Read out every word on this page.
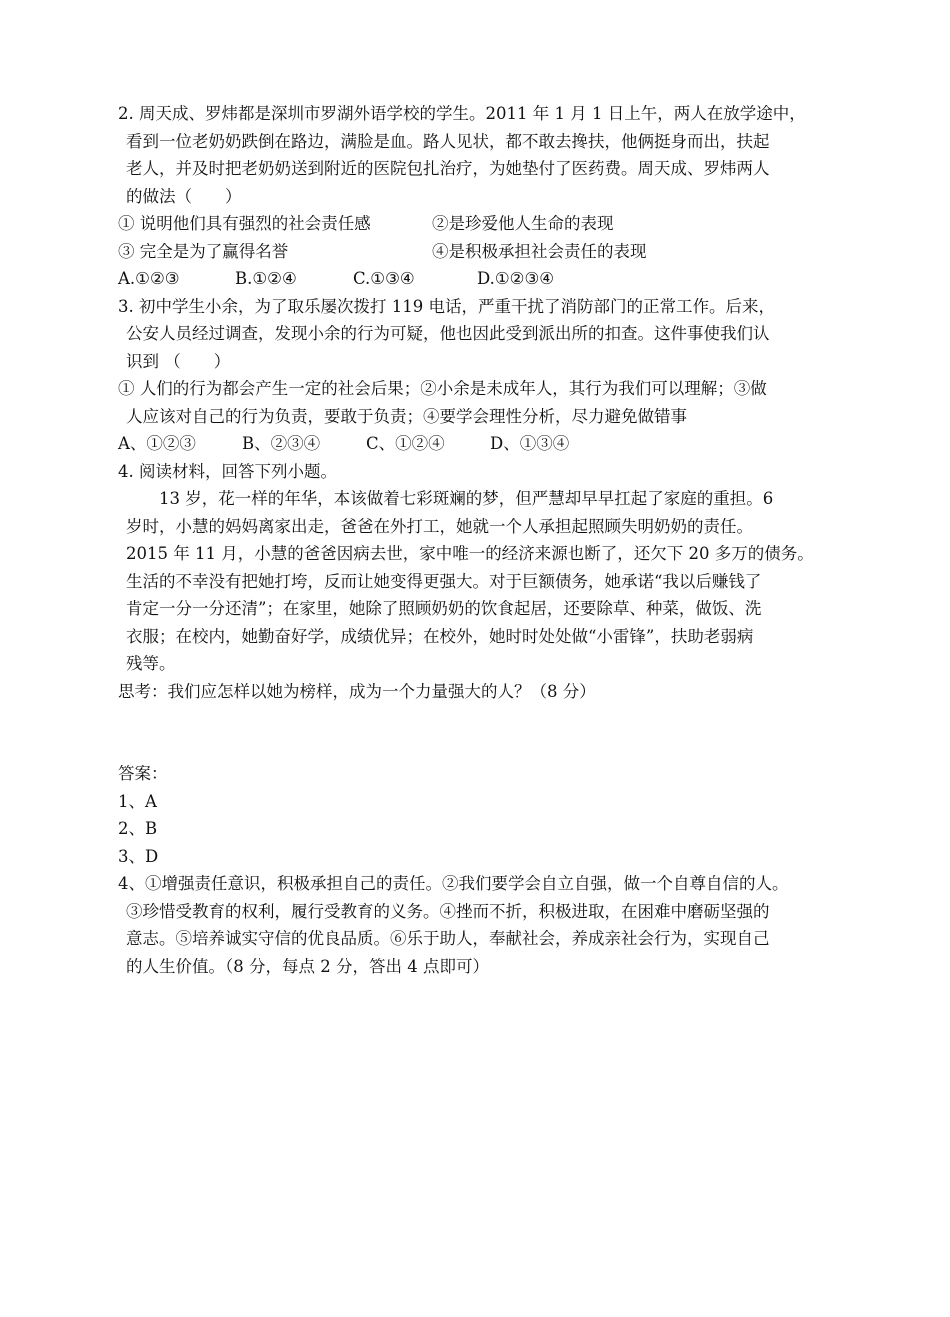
2. 周天成、罗炜都是深圳市罗湖外语学校的学生。2011 年 1 月 1 日上午，两人在放学途中，
看到一位老奶奶跌倒在路边，满脸是血。路人见状，都不敢去搀扶，他俩挺身而出，扶起
老人，并及时把老奶奶送到附近的医院包扎治疗，为她垫付了医药费。周天成、罗炜两人
的做法（　　）
① 说明他们具有强烈的社会责任感	②是珍爱他人生命的表现
③ 完全是为了赢得名誉	④是积极承担社会责任的表现
A.①②③	B.①②④	C.①③④	D.①②③④
3. 初中学生小余，为了取乐屡次拨打 119 电话，严重干扰了消防部门的正常工作。后来，
公安人员经过调查，发现小余的行为可疑，他也因此受到派出所的扣查。这件事使我们认
识到 （　　）
① 人们的行为都会产生一定的社会后果；②小余是未成年人，其行为我们可以理解；③做
人应该对自己的行为负责，要敢于负责；④要学会理性分析，尽力避免做错事
A、①②③	B、②③④	C、①②④	D、①③④
4. 阅读材料，回答下列小题。
　　13 岁，花一样的年华，本该做着七彩斑斓的梦，但严慧却早早扛起了家庭的重担。6
岁时，小慧的妈妈离家出走，爸爸在外打工，她就一个人承担起照顾失明奶奶的责任。
2015 年 11 月，小慧的爸爸因病去世，家中唯一的经济来源也断了，还欠下 20 多万的债务。
生活的不幸没有把她打垮，反而让她变得更强大。对于巨额债务，她承诺“我以后赚钱了
肯定一分一分还清”；在家里，她除了照顾奶奶的饮食起居，还要除草、种菜，做饭、洗
衣服；在校内，她勤奋好学，成绩优异；在校外，她时时处处做“小雷锋”，扶助老弱病
残等。
思考：我们应怎样以她为榜样，成为一个力量强大的人？（8 分）
答案：
1、A
2、B
3、D
4、①增强责任意识，积极承担自己的责任。②我们要学会自立自强，做一个自尊自信的人。
③珍惜受教育的权利，履行受教育的义务。④挫而不折，积极进取，在困难中磨砺坚强的
意志。⑤培养诚实守信的优良品质。⑥乐于助人，奉献社会，养成亲社会行为，实现自己
的人生价值。（8 分，每点 2 分，答出 4 点即可）
